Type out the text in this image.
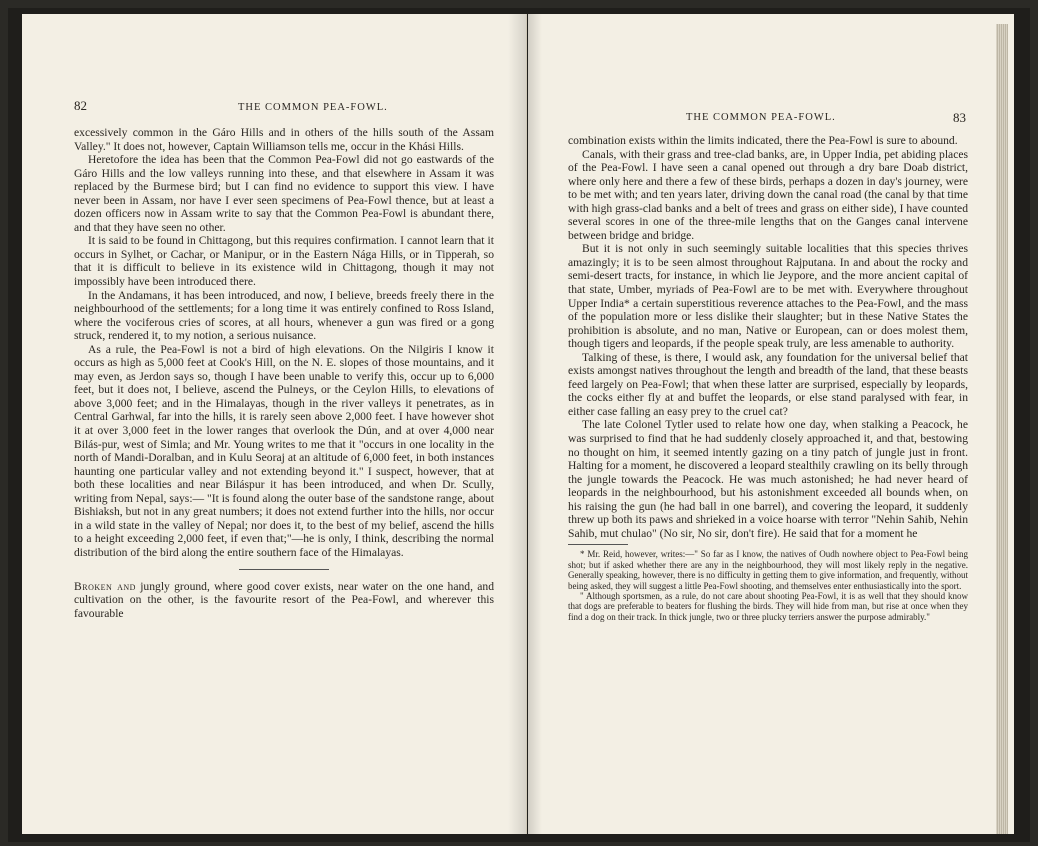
82	THE COMMON PEA-FOWL.

excessively common in the Gáro Hills and in others of the hills south of the Assam Valley." It does not, however, Captain Williamson tells me, occur in the Khási Hills.

Heretofore the idea has been that the Common Pea-Fowl did not go eastwards of the Gáro Hills and the low valleys running into these, and that elsewhere in Assam it was replaced by the Burmese bird; but I can find no evidence to support this view. I have never been in Assam, nor have I ever seen specimens of Pea-Fowl thence, but at least a dozen officers now in Assam write to say that the Common Pea-Fowl is abundant there, and that they have seen no other.

It is said to be found in Chittagong, but this requires confirmation. I cannot learn that it occurs in Sylhet, or Cachar, or Manipur, or in the Eastern Nága Hills, or in Tipperah, so that it is difficult to believe in its existence wild in Chittagong, though it may not impossibly have been introduced there.

In the Andamans, it has been introduced, and now, I believe, breeds freely there in the neighbourhood of the settlements; for a long time it was entirely confined to Ross Island, where the vociferous cries of scores, at all hours, whenever a gun was fired or a gong struck, rendered it, to my notion, a serious nuisance.

As a rule, the Pea-Fowl is not a bird of high elevations. On the Nilgiris I know it occurs as high as 5,000 feet at Cook's Hill, on the N. E. slopes of those mountains, and it may even, as Jerdon says so, though I have been unable to verify this, occur up to 6,000 feet, but it does not, I believe, ascend the Pulneys, or the Ceylon Hills, to elevations of above 3,000 feet; and in the Himalayas, though in the river valleys it penetrates, as in Central Garhwal, far into the hills, it is rarely seen above 2,000 feet. I have however shot it at over 3,000 feet in the lower ranges that overlook the Dún, and at over 4,000 near Bilás-pur, west of Simla; and Mr. Young writes to me that it "occurs in one locality in the north of Mandi-Doralban, and in Kulu Seoraj at an altitude of 6,000 feet, in both instances haunting one particular valley and not extending beyond it." I suspect, however, that at both these localities and near Biláspur it has been introduced, and when Dr. Scully, writing from Nepal, says:— "It is found along the outer base of the sandstone range, about Bishiaksh, but not in any great numbers; it does not extend further into the hills, nor occur in a wild state in the valley of Nepal; nor does it, to the best of my belief, ascend the hills to a height exceeding 2,000 feet, if even that;"—he is only, I think, describing the normal distribution of the bird along the entire southern face of the Himalayas.

Broken and jungly ground, where good cover exists, near water on the one hand, and cultivation on the other, is the favourite resort of the Pea-Fowl, and wherever this favourable

THE COMMON PEA-FOWL.	83

combination exists within the limits indicated, there the Pea-Fowl is sure to abound.

Canals, with their grass and tree-clad banks, are, in Upper India, pet abiding places of the Pea-Fowl. I have seen a canal opened out through a dry bare Doab district, where only here and there a few of these birds, perhaps a dozen in day's journey, were to be met with; and ten years later, driving down the canal road (the canal by that time with high grass-clad banks and a belt of trees and grass on either side), I have counted several scores in one of the three-mile lengths that on the Ganges canal intervene between bridge and bridge.

But it is not only in such seemingly suitable localities that this species thrives amazingly; it is to be seen almost throughout Rajputana. In and about the rocky and semi-desert tracts, for instance, in which lie Jeypore, and the more ancient capital of that state, Umber, myriads of Pea-Fowl are to be met with. Everywhere throughout Upper India* a certain superstitious reverence attaches to the Pea-Fowl, and the mass of the population more or less dislike their slaughter; but in these Native States the prohibition is absolute, and no man, Native or European, can or does molest them, though tigers and leopards, if the people speak truly, are less amenable to authority.

Talking of these, is there, I would ask, any foundation for the universal belief that exists amongst natives throughout the length and breadth of the land, that these beasts feed largely on Pea-Fowl; that when these latter are surprised, especially by leopards, the cocks either fly at and buffet the leopards, or else stand paralysed with fear, in either case falling an easy prey to the cruel cat?

The late Colonel Tytler used to relate how one day, when stalking a Peacock, he was surprised to find that he had suddenly closely approached it, and that, bestowing no thought on him, it seemed intently gazing on a tiny patch of jungle just in front. Halting for a moment, he discovered a leopard stealthily crawling on its belly through the jungle towards the Peacock. He was much astonished; he had never heard of leopards in the neighbourhood, but his astonishment exceeded all bounds when, on his raising the gun (he had ball in one barrel), and covering the leopard, it suddenly threw up both its paws and shrieked in a voice hoarse with terror "Nehin Sahib, Nehin Sahib, mut chulao" (No sir, No sir, don't fire). He said that for a moment he

* Mr. Reid, however, writes:—" So far as I know, the natives of Oudh nowhere object to Pea-Fowl being shot; but if asked whether there are any in the neighbourhood, they will most likely reply in the negative. Generally speaking, however, there is no difficulty in getting them to give information, and frequently, without being asked, they will suggest a little Pea-Fowl shooting, and themselves enter enthusiastically into the sport.

" Although sportsmen, as a rule, do not care about shooting Pea-Fowl, it is as well that they should know that dogs are preferable to beaters for flushing the birds. They will hide from man, but rise at once when they find a dog on their track. In thick jungle, two or three plucky terriers answer the purpose admirably."
